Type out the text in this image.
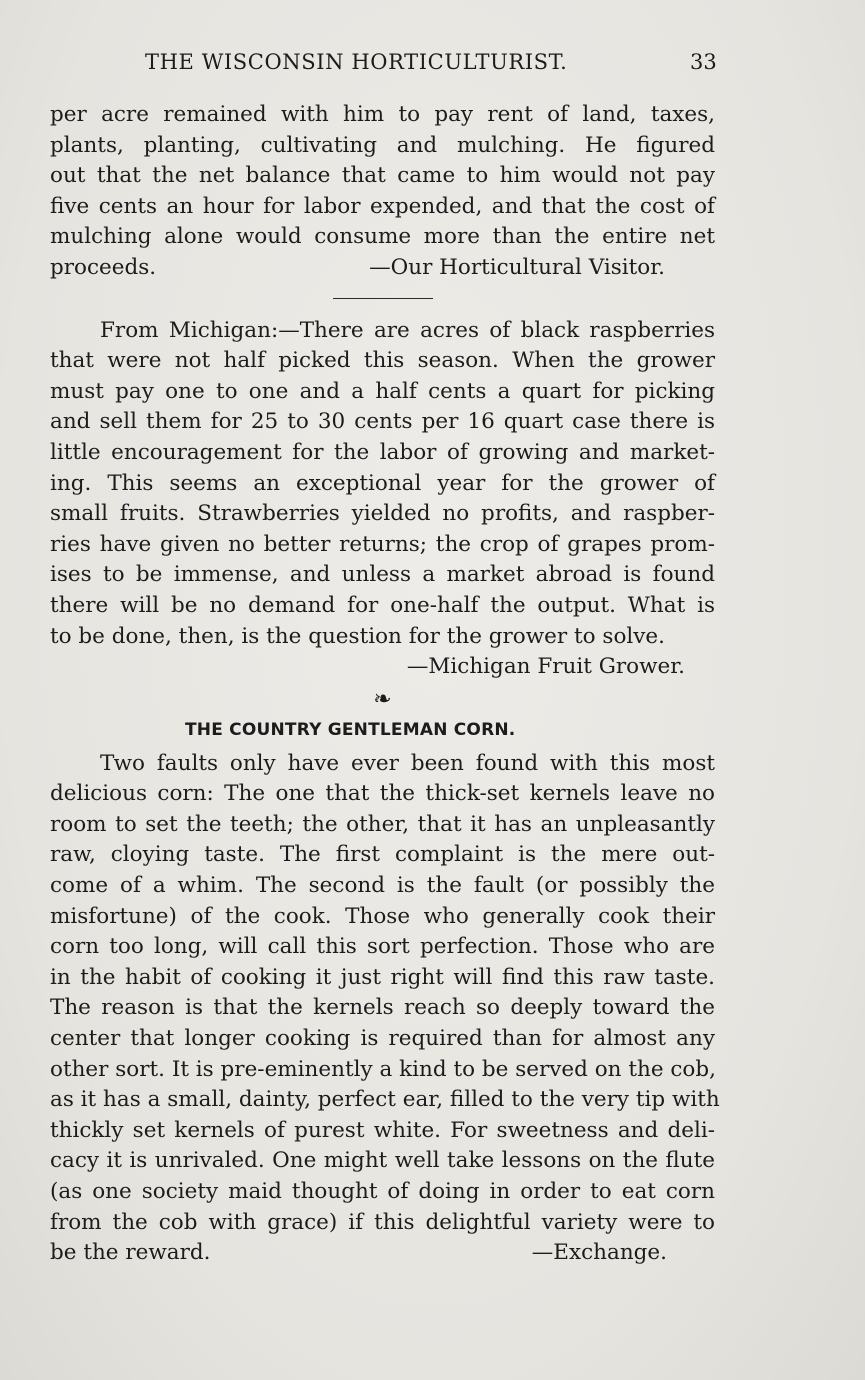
THE WISCONSIN HORTICULTURIST.	33
per acre remained with him to pay rent of land, taxes,
plants, planting, cultivating and mulching. He figured
out that the net balance that came to him would not pay
five cents an hour for labor expended, and that the cost of
mulching alone would consume more than the entire net
proceeds.	—Our Horticultural Visitor.
From Michigan:—There are acres of black raspberries
that were not half picked this season. When the grower
must pay one to one and a half cents a quart for picking
and sell them for 25 to 30 cents per 16 quart case there is
little encouragement for the labor of growing and market-
ing. This seems an exceptional year for the grower of
small fruits. Strawberries yielded no profits, and raspber-
ries have given no better returns; the crop of grapes prom-
ises to be immense, and unless a market abroad is found
there will be no demand for one-half the output. What is
to be done, then, is the question for the grower to solve.
—Michigan Fruit Grower.
❧
THE COUNTRY GENTLEMAN CORN.
Two faults only have ever been found with this most
delicious corn: The one that the thick-set kernels leave no
room to set the teeth; the other, that it has an unpleasantly
raw, cloying taste. The first complaint is the mere out-
come of a whim. The second is the fault (or possibly the
misfortune) of the cook. Those who generally cook their
corn too long, will call this sort perfection. Those who are
in the habit of cooking it just right will find this raw taste.
The reason is that the kernels reach so deeply toward the
center that longer cooking is required than for almost any
other sort. It is pre-eminently a kind to be served on the cob,
as it has a small, dainty, perfect ear, filled to the very tip with
thickly set kernels of purest white. For sweetness and deli-
cacy it is unrivaled. One might well take lessons on the flute
(as one society maid thought of doing in order to eat corn
from the cob with grace) if this delightful variety were to
be the reward.	—Exchange.
